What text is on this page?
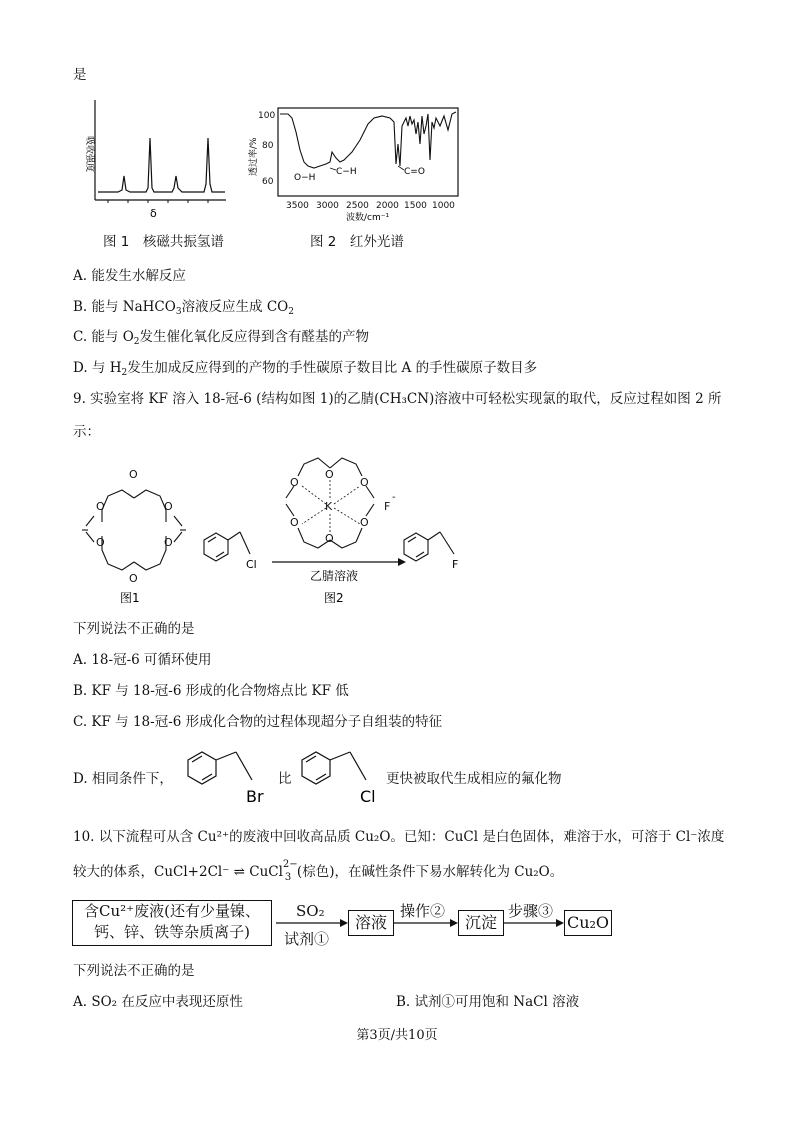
是
吸收强度
δ
图 1　核磁共振氢谱
100
80
60
透过率/%
O−H
C−H	C=O
3500 3000 2500 2000 1500 1000
波数/cm⁻¹
图 2　红外光谱
A. 能发生水解反应
B. 能与 NaHCO$_3$溶液反应生成 $CO_2$
C. 能与 $O_2$发生催化氧化反应得到含有醛基的产物
D. 与 $H_2$发生加成反应得到的产物的手性碳原子数目比 A 的手性碳原子数目多
9. 实验室将 KF 溶入 18-冠-6 (结构如图 1)的乙腈(CH₃CN)溶液中可轻松实现氯的取代，反应过程如图 2 所
示：
O
O	O
O	O
O
图1
Cl
O
O	O
O	O
O
K	F
-
乙腈溶液
图2
F
下列说法不正确的是
A. 18-冠-6 可循环使用
B. KF 与 18-冠-6 形成的化合物熔点比 KF 低
C. KF 与 18-冠-6 形成化合物的过程体现超分子自组装的特征
D. 相同条件下，
Br
比
Cl
更快被取代生成相应的氟化物
10. 以下流程可从含 Cu²⁺的废液中回收高品质 Cu₂O。已知：CuCl 是白色固体，难溶于水，可溶于 Cl⁻浓度
较大的体系，CuCl+2Cl⁻ ⇌ CuCl 2−
3 (棕色)，在碱性条件下易水解转化为 Cu₂O。
含Cu²⁺废液(还有少量镍、
钙、锌、铁等杂质离子)
SO₂
试剂①
溶液
操作②
沉淀
步骤③
Cu₂O
下列说法不正确的是
A. SO₂ 在反应中表现还原性	B. 试剂①可用饱和 NaCl 溶液
第3页/共10页
